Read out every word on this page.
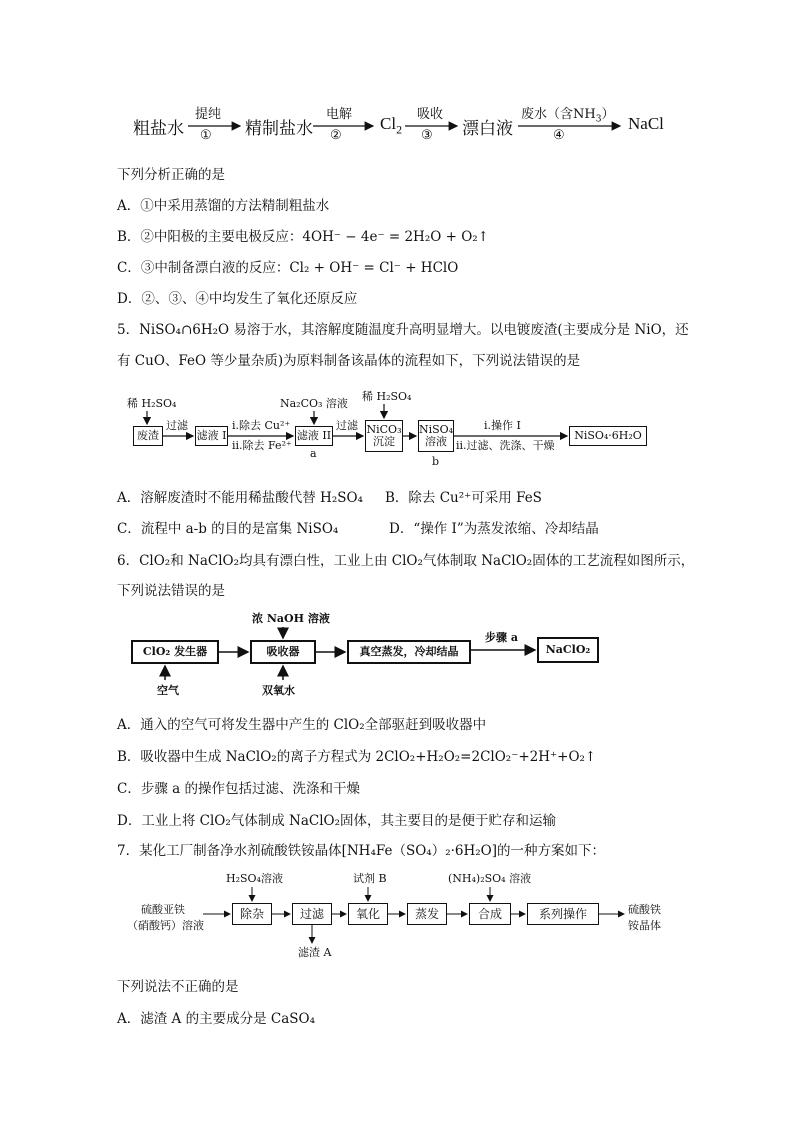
粗盐水	精制盐水	$Cl_2$	漂白液	NaCl
提纯
①
电解
②
吸收
③
废水（含$NH_3$）
④
下列分析正确的是
A．①中采用蒸馏的方法精制粗盐水
B．②中阳极的主要电极反应：4OH⁻ − 4e⁻ = 2H₂O + O₂↑
C．③中制备漂白液的反应：Cl₂ + OH⁻ = Cl⁻ + HClO
D．②、③、④中均发生了氧化还原反应
5．NiSO₄∩6H₂O 易溶于水，其溶解度随温度升高明显增大。以电镀废渣(主要成分是 NiO，还
有 CuO、FeO 等少量杂质)为原料制备该晶体的流程如下，下列说法错误的是
稀 H₂SO₄
废渣
过滤
滤液 I
i.除去 Cu²⁺
ii.除去 Fe²⁺
滤液 II
a
Na₂CO₃ 溶液
过滤 NiCO₃
沉淀
稀 H₂SO₄
NiSO₄
溶液
b
i.操作 I
ii.过滤、洗涤、干燥
NiSO₄·6H₂O
A．溶解废渣时不能用稀盐酸代替 H₂SO₄ B．除去 Cu²⁺可采用 FeS
C．流程中 a-b 的目的是富集 NiSO₄	D．“操作 I”为蒸发浓缩、冷却结晶
6．ClO₂和 NaClO₂均具有漂白性，工业上由 ClO₂气体制取 NaClO₂固体的工艺流程如图所示，
下列说法错误的是
浓 NaOH 溶液
ClO₂ 发生器	吸收器	真空蒸发，冷却结晶
步骤 a
NaClO₂
空气	双氧水
A．通入的空气可将发生器中产生的 ClO₂全部驱赶到吸收器中
B．吸收器中生成 NaClO₂的离子方程式为 2ClO₂+H₂O₂=2ClO₂⁻+2H⁺+O₂↑
C．步骤 a 的操作包括过滤、洗涤和干燥
D．工业上将 ClO₂气体制成 NaClO₂固体，其主要目的是便于贮存和运输
7．某化工厂制备净水剂硫酸铁铵晶体[NH₄Fe（SO₄）₂·6H₂O]的一种方案如下：
硫酸亚铁
（硝酸钙）溶液
H₂SO₄溶液
除杂	过滤
滤渣 A
试剂 B
氧化	蒸发
(NH₄)₂SO₄ 溶液
合成	系列操作	硫酸铁
铵晶体
下列说法不正确的是
A．滤渣 A 的主要成分是 CaSO₄
